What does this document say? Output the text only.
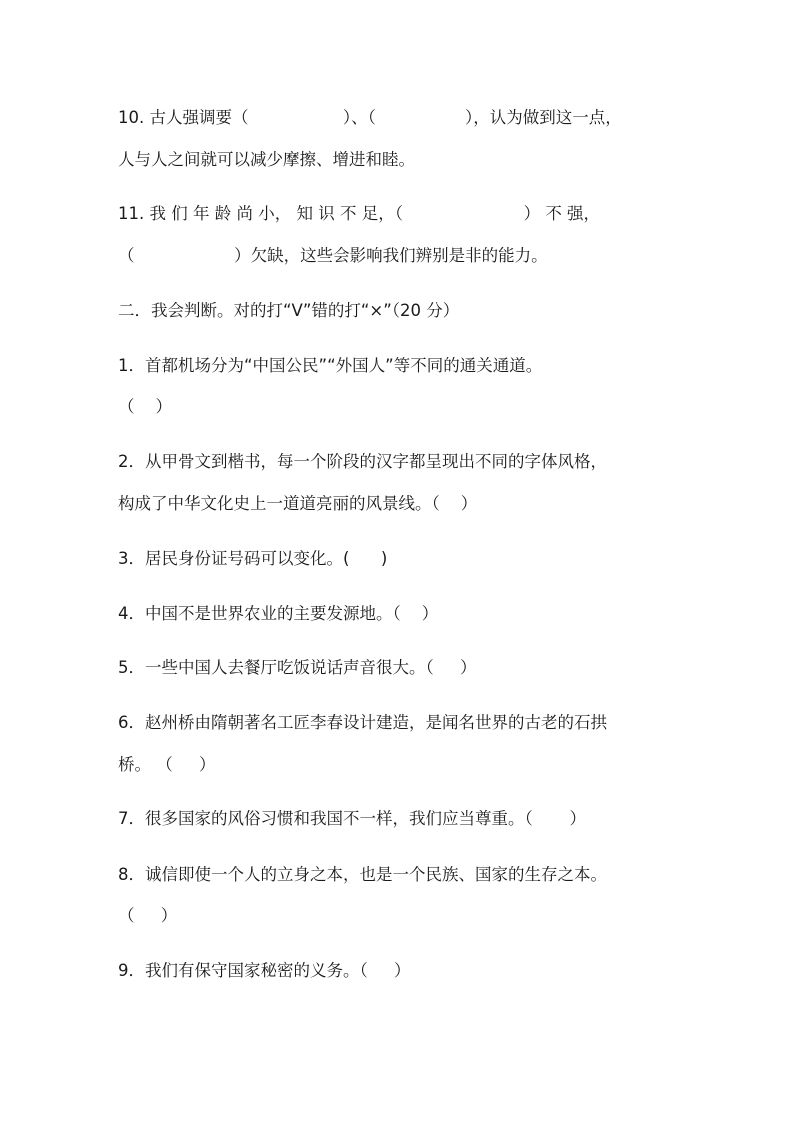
10. 古人强调要（                  ）、（                 ），认为做到这一点，
人与人之间就可以减少摩擦、增进和睦。
11. 我 们 年 龄 尚 小， 知 识 不 足，（                       ） 不 强，
（                   ）欠缺，这些会影响我们辨别是非的能力。
二．我会判断。对的打“V”错的打“×”（20 分）
1．首都机场分为“中国公民”“外国人”等不同的通关通道。
（    ）
2．从甲骨文到楷书，每一个阶段的汉字都呈现出不同的字体风格，
构成了中华文化史上一道道亮丽的风景线。（    ）
3．居民身份证号码可以变化。(      )
4．中国不是世界农业的主要发源地。（    ）
5．一些中国人去餐厅吃饭说话声音很大。（     ）
6．赵州桥由隋朝著名工匠李春设计建造，是闻名世界的古老的石拱
桥。 （     ）
7．很多国家的风俗习惯和我国不一样，我们应当尊重。（       ）
8．诚信即使一个人的立身之本，也是一个民族、国家的生存之本。
（     ）
9．我们有保守国家秘密的义务。（     ）
